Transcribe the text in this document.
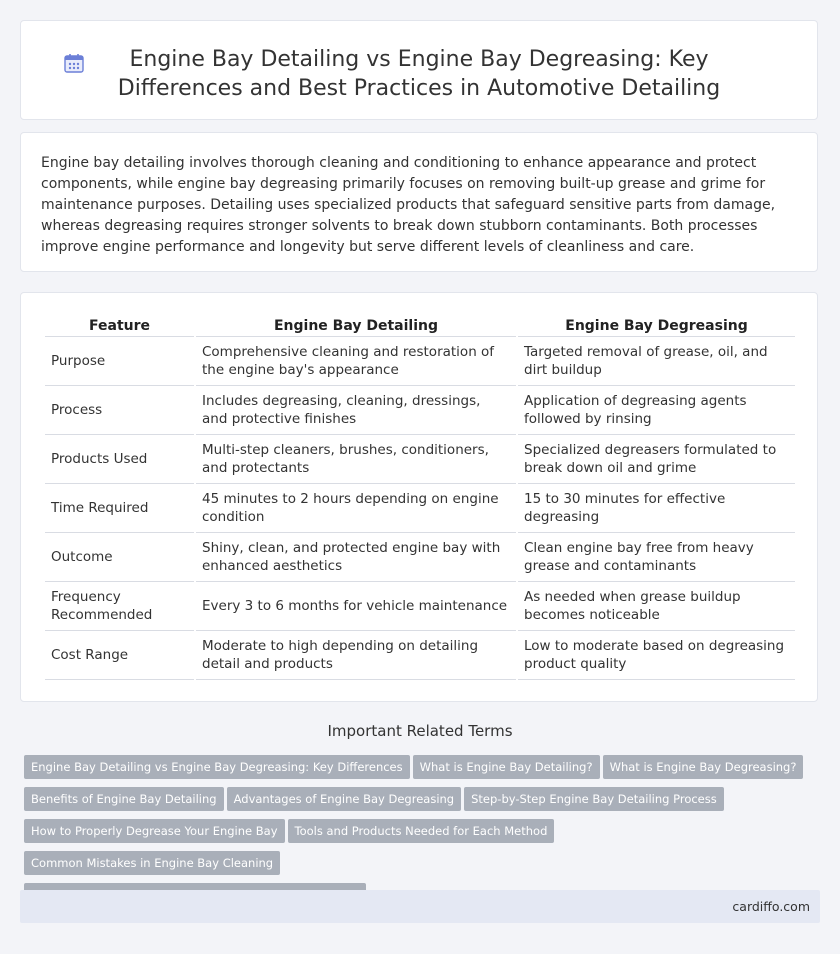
Engine Bay Detailing vs Engine Bay Degreasing: Key Differences and Best Practices in Automotive Detailing

Engine bay detailing involves thorough cleaning and conditioning to enhance appearance and protect components, while engine bay degreasing primarily focuses on removing built-up grease and grime for maintenance purposes. Detailing uses specialized products that safeguard sensitive parts from damage, whereas degreasing requires stronger solvents to break down stubborn contaminants. Both processes improve engine performance and longevity but serve different levels of cleanliness and care.

Feature	Engine Bay Detailing	Engine Bay Degreasing
Purpose	Comprehensive cleaning and restoration of the engine bay's appearance	Targeted removal of grease, oil, and dirt buildup
Process	Includes degreasing, cleaning, dressings, and protective finishes	Application of degreasing agents followed by rinsing
Products Used	Multi-step cleaners, brushes, conditioners, and protectants	Specialized degreasers formulated to break down oil and grime
Time Required	45 minutes to 2 hours depending on engine condition	15 to 30 minutes for effective degreasing
Outcome	Shiny, clean, and protected engine bay with enhanced aesthetics	Clean engine bay free from heavy grease and contaminants
Frequency Recommended	Every 3 to 6 months for vehicle maintenance	As needed when grease buildup becomes noticeable
Cost Range	Moderate to high depending on detailing detail and products	Low to moderate based on degreasing product quality
Important Related Terms
Engine Bay Detailing vs Engine Bay Degreasing: Key Differences What is Engine Bay Detailing? What is Engine Bay Degreasing?
Benefits of Engine Bay Detailing Advantages of Engine Bay Degreasing Step-by-Step Engine Bay Detailing Process
How to Properly Degrease Your Engine Bay Tools and Products Needed for Each MethodCommon Mistakes in Engine Bay Cleaning

cardiffo.com
